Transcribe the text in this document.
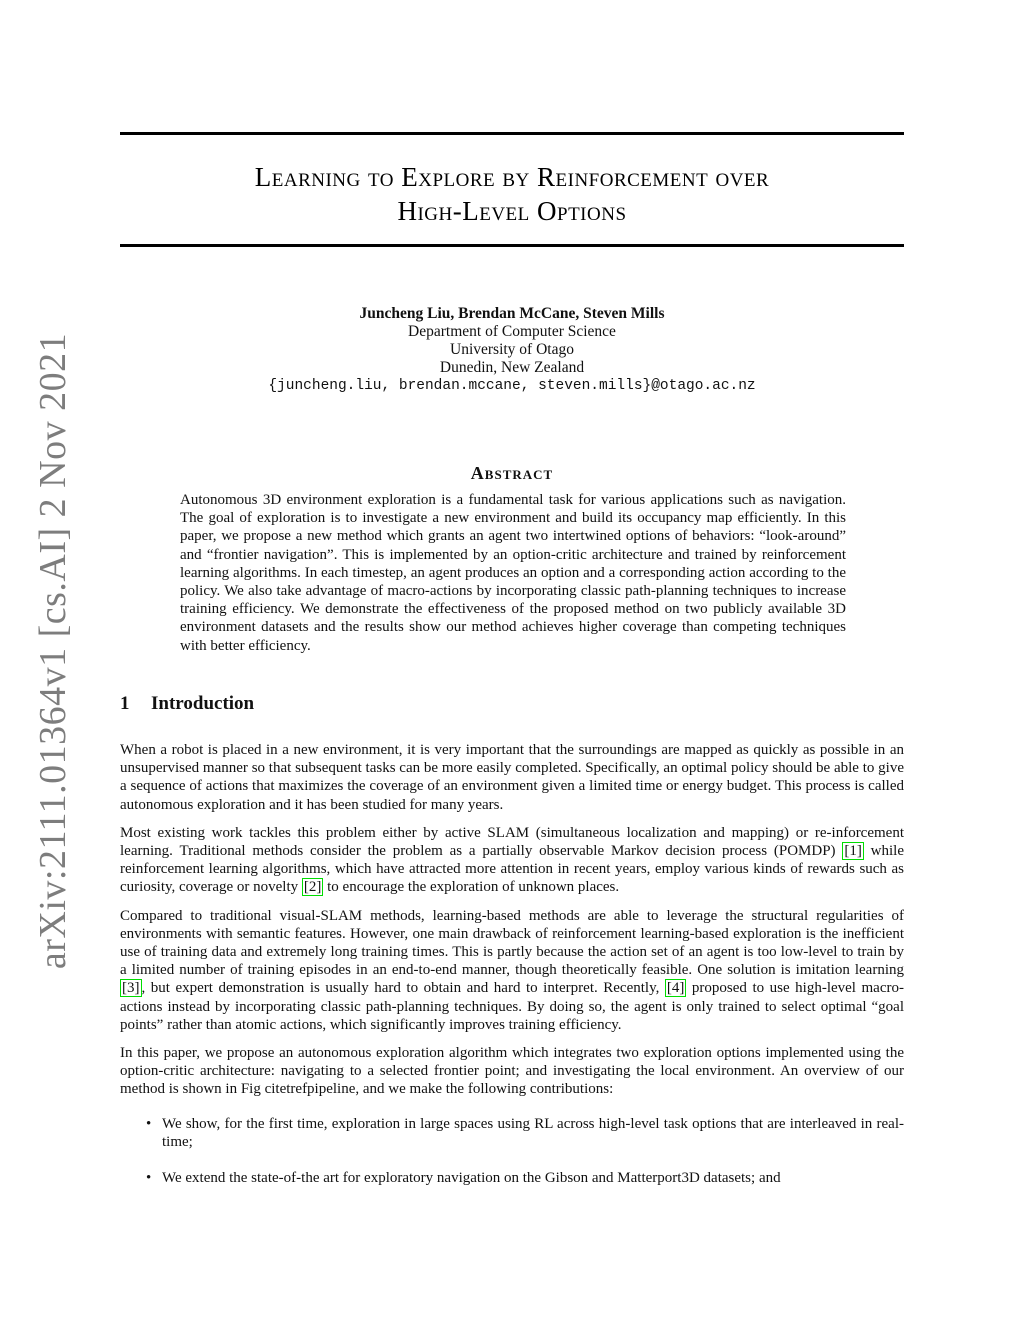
arXiv:2111.01364v1 [cs.AI] 2 Nov 2021
Learning to Explore by Reinforcement over
High-Level Options
Juncheng Liu, Brendan McCane, Steven Mills
Department of Computer Science
University of Otago
Dunedin, New Zealand
{juncheng.liu, brendan.mccane, steven.mills}@otago.ac.nz
Abstract
Autonomous 3D environment exploration is a fundamental task for various applications such as navigation. The goal of exploration is to investigate a new environment and build its occupancy map efficiently. In this paper, we propose a new method which grants an agent two intertwined options of behaviors: “look-around” and “frontier navigation”. This is implemented by an option-critic architecture and trained by reinforcement learning algorithms. In each timestep, an agent produces an option and a corresponding action according to the policy. We also take advantage of macro-actions by incorporating classic path-planning techniques to increase training efficiency. We demonstrate the effectiveness of the proposed method on two publicly available 3D environment datasets and the results show our method achieves higher coverage than competing techniques with better efficiency.
1 Introduction

When a robot is placed in a new environment, it is very important that the surroundings are mapped as quickly as possible in an unsupervised manner so that subsequent tasks can be more easily completed. Specifically, an optimal policy should be able to give a sequence of actions that maximizes the coverage of an environment given a limited time or energy budget. This process is called autonomous exploration and it has been studied for many years.

Most existing work tackles this problem either by active SLAM (simultaneous localization and mapping) or re-inforcement learning. Traditional methods consider the problem as a partially observable Markov decision process (POMDP) [1] while reinforcement learning algorithms, which have attracted more attention in recent years, employ various kinds of rewards such as curiosity, coverage or novelty [2] to encourage the exploration of unknown places.

Compared to traditional visual-SLAM methods, learning-based methods are able to leverage the structural regularities of environments with semantic features. However, one main drawback of reinforcement learning-based exploration is the inefficient use of training data and extremely long training times. This is partly because the action set of an agent is too low-level to train by a limited number of training episodes in an end-to-end manner, though theoretically feasible. One solution is imitation learning [3] , but expert demonstration is usually hard to obtain and hard to interpret. Recently, [4] proposed to use high-level macro-actions instead by incorporating classic path-planning techniques. By doing so, the agent is only trained to select optimal “goal points” rather than atomic actions, which significantly improves training efficiency.

In this paper, we propose an autonomous exploration algorithm which integrates two exploration options implemented using the option-critic architecture: navigating to a selected frontier point; and investigating the local environment. An overview of our method is shown in Fig citetrefpipeline, and we make the following contributions:

• We show, for the first time, exploration in large spaces using RL across high-level task options that are interleaved in real-time;
• We extend the state-of-the art for exploratory navigation on the Gibson and Matterport3D datasets; and
